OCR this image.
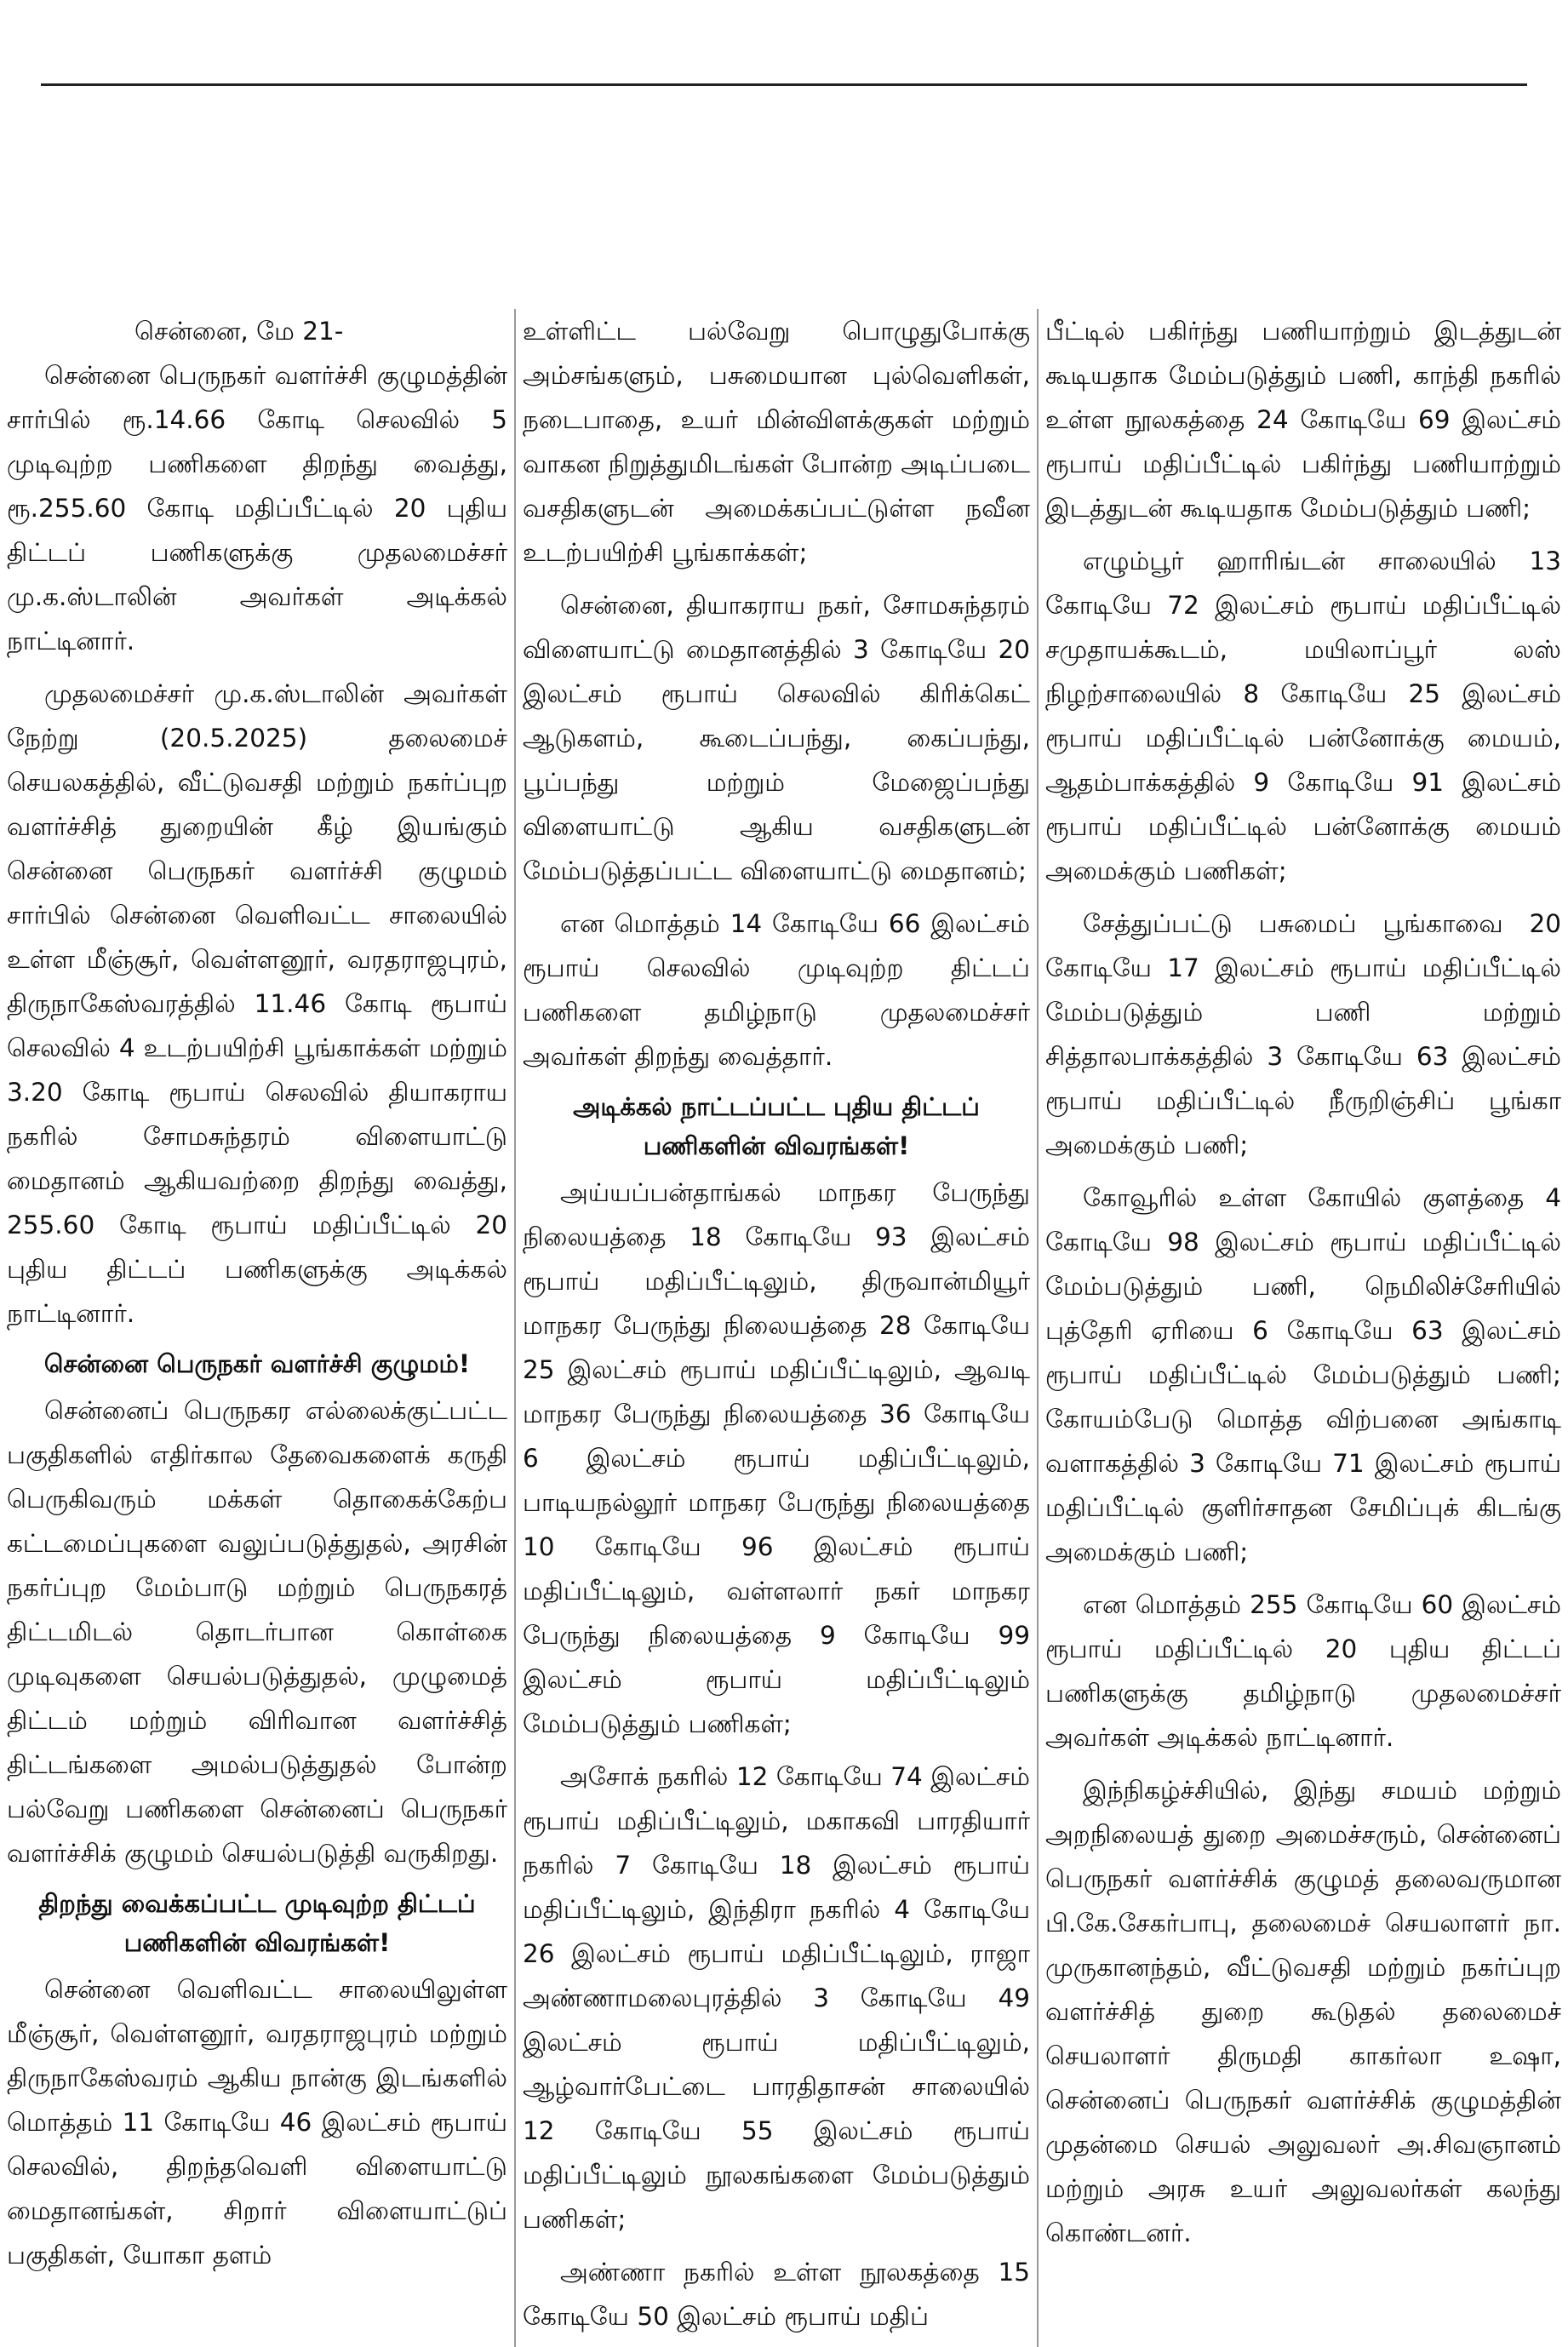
சென்னை, மே 21-

சென்னை பெருநகர் வளர்ச்சி குழுமத்தின் சார்பில் ரூ.14.66 கோடி செலவில் 5 முடிவுற்ற பணிகளை திறந்து வைத்து, ரூ.255.60 கோடி மதிப்பீட்டில் 20 புதிய திட்டப் பணிகளுக்கு முதலமைச்சர் மு.க.ஸ்டாலின் அவர்கள் அடிக்கல் நாட்டினார்.

முதலமைச்சர் மு.க.ஸ்டாலின் அவர்கள் நேற்று (20.5.2025) தலைமைச் செயலகத்தில், வீட்டுவசதி மற்றும் நகர்ப்புற வளர்ச்சித் துறையின் கீழ் இயங்கும் சென்னை பெருநகர் வளர்ச்சி குழுமம் சார்பில் சென்னை வெளிவட்ட சாலையில் உள்ள மீஞ்சூர், வெள்ளனூர், வரதராஜபுரம், திருநாகேஸ்வரத்தில் 11.46 கோடி ரூபாய் செலவில் 4 உடற்பயிற்சி பூங்காக்கள் மற்றும் 3.20 கோடி ரூபாய் செலவில் தியாகராய நகரில் சோமசுந்தரம் விளையாட்டு மைதானம் ஆகியவற்றை திறந்து வைத்து, 255.60 கோடி ரூபாய் மதிப்பீட்டில் 20 புதிய திட்டப் பணிகளுக்கு அடிக்கல் நாட்டினார்.

சென்னை பெருநகர் வளர்ச்சி குழுமம்!

சென்னைப் பெருநகர எல்லைக்குட்பட்ட பகுதிகளில் எதிர்கால தேவைகளைக் கருதி பெருகிவரும் மக்கள் தொகைக்கேற்ப கட்டமைப்புகளை வலுப்படுத்துதல், அரசின் நகர்ப்புற மேம்பாடு மற்றும் பெருநகரத் திட்டமிடல் தொடர்பான கொள்கை முடிவுகளை செயல்படுத்துதல், முழுமைத் திட்டம் மற்றும் விரிவான வளர்ச்சித் திட்டங்களை அமல்படுத்துதல் போன்ற பல்வேறு பணிகளை சென்னைப் பெருநகர் வளர்ச்சிக் குழுமம் செயல்படுத்தி வருகிறது.

திறந்து வைக்கப்பட்ட முடிவுற்ற திட்டப் பணிகளின் விவரங்கள்!

சென்னை வெளிவட்ட சாலையிலுள்ள மீஞ்சூர், வெள்ளனூர், வரதராஜபுரம் மற்றும் திருநாகேஸ்வரம் ஆகிய நான்கு இடங்களில் மொத்தம் 11 கோடியே 46 இலட்சம் ரூபாய் செலவில், திறந்தவெளி விளையாட்டு மைதானங்கள், சிறார் விளையாட்டுப் பகுதிகள், யோகா தளம்

உள்ளிட்ட பல்வேறு பொழுதுபோக்கு அம்சங்களும், பசுமையான புல்வெளிகள், நடைபாதை, உயர் மின்விளக்குகள் மற்றும் வாகன நிறுத்துமிடங்கள் போன்ற அடிப்படை வசதிகளுடன் அமைக்கப்பட்டுள்ள நவீன உடற்பயிற்சி பூங்காக்கள்;

சென்னை, தியாகராய நகர், சோமசுந்தரம் விளையாட்டு மைதானத்தில் 3 கோடியே 20 இலட்சம் ரூபாய் செலவில் கிரிக்கெட் ஆடுகளம், கூடைப்பந்து, கைப்பந்து, பூப்பந்து மற்றும் மேஜைப்பந்து விளையாட்டு ஆகிய வசதிகளுடன் மேம்படுத்தப்பட்ட விளையாட்டு மைதானம்;

என மொத்தம் 14 கோடியே 66 இலட்சம் ரூபாய் செலவில் முடிவுற்ற திட்டப் பணிகளை தமிழ்நாடு முதலமைச்சர் அவர்கள் திறந்து வைத்தார்.

அடிக்கல் நாட்டப்பட்ட புதிய திட்டப் பணிகளின் விவரங்கள்!

அய்யப்பன்தாங்கல் மாநகர பேருந்து நிலையத்தை 18 கோடியே 93 இலட்சம் ரூபாய் மதிப்பீட்டிலும், திருவான்மியூர் மாநகர பேருந்து நிலையத்தை 28 கோடியே 25 இலட்சம் ரூபாய் மதிப்பீட்டிலும், ஆவடி மாநகர பேருந்து நிலையத்தை 36 கோடியே 6 இலட்சம் ரூபாய் மதிப்பீட்டிலும், பாடியநல்லூர் மாநகர பேருந்து நிலையத்தை 10 கோடியே 96 இலட்சம் ரூபாய் மதிப்பீட்டிலும், வள்ளலார் நகர் மாநகர பேருந்து நிலையத்தை 9 கோடியே 99 இலட்சம் ரூபாய் மதிப்பீட்டிலும் மேம்படுத்தும் பணிகள்;

அசோக் நகரில் 12 கோடியே 74 இலட்சம் ரூபாய் மதிப்பீட்டிலும், மகாகவி பாரதியார் நகரில் 7 கோடியே 18 இலட்சம் ரூபாய் மதிப்பீட்டிலும், இந்திரா நகரில் 4 கோடியே 26 இலட்சம் ரூபாய் மதிப்பீட்டிலும், ராஜா அண்ணாமலைபுரத்தில் 3 கோடியே 49 இலட்சம் ரூபாய் மதிப்பீட்டிலும், ஆழ்வார்பேட்டை பாரதிதாசன் சாலையில் 12 கோடியே 55 இலட்சம் ரூபாய் மதிப்பீட்டிலும் நூலகங்களை மேம்படுத்தும் பணிகள்;

அண்ணா நகரில் உள்ள நூலகத்தை 15 கோடியே 50 இலட்சம் ரூபாய் மதிப்

பீட்டில் பகிர்ந்து பணியாற்றும் இடத்துடன் கூடியதாக மேம்படுத்தும் பணி, காந்தி நகரில் உள்ள நூலகத்தை 24 கோடியே 69 இலட்சம் ரூபாய் மதிப்பீட்டில் பகிர்ந்து பணியாற்றும் இடத்துடன் கூடியதாக மேம்படுத்தும் பணி;

எழும்பூர் ஹாரிங்டன் சாலையில் 13 கோடியே 72 இலட்சம் ரூபாய் மதிப்பீட்டில் சமுதாயக்கூடம், மயிலாப்பூர் லஸ் நிழற்சாலையில் 8 கோடியே 25 இலட்சம் ரூபாய் மதிப்பீட்டில் பன்னோக்கு மையம், ஆதம்பாக்கத்தில் 9 கோடியே 91 இலட்சம் ரூபாய் மதிப்பீட்டில் பன்னோக்கு மையம் அமைக்கும் பணிகள்;

சேத்துப்பட்டு பசுமைப் பூங்காவை 20 கோடியே 17 இலட்சம் ரூபாய் மதிப்பீட்டில் மேம்படுத்தும் பணி மற்றும் சித்தாலபாக்கத்தில் 3 கோடியே 63 இலட்சம் ரூபாய் மதிப்பீட்டில் நீருறிஞ்சிப் பூங்கா அமைக்கும் பணி;

கோவூரில் உள்ள கோயில் குளத்தை 4 கோடியே 98 இலட்சம் ரூபாய் மதிப்பீட்டில் மேம்படுத்தும் பணி, நெமிலிச்சேரியில் புத்தேரி ஏரியை 6 கோடியே 63 இலட்சம் ரூபாய் மதிப்பீட்டில் மேம்படுத்தும் பணி; கோயம்பேடு மொத்த விற்பனை அங்காடி வளாகத்தில் 3 கோடியே 71 இலட்சம் ரூபாய் மதிப்பீட்டில் குளிர்சாதன சேமிப்புக் கிடங்கு அமைக்கும் பணி;

என மொத்தம் 255 கோடியே 60 இலட்சம் ரூபாய் மதிப்பீட்டில் 20 புதிய திட்டப் பணிகளுக்கு தமிழ்நாடு முதலமைச்சர் அவர்கள் அடிக்கல் நாட்டினார்.

இந்நிகழ்ச்சியில், இந்து சமயம் மற்றும் அறநிலையத் துறை அமைச்சரும், சென்னைப் பெருநகர் வளர்ச்சிக் குழுமத் தலைவருமான பி.கே.சேகர்பாபு, தலைமைச் செயலாளர் நா. முருகானந்தம், வீட்டுவசதி மற்றும் நகர்ப்புற வளர்ச்சித் துறை கூடுதல் தலைமைச் செயலாளர் திருமதி காகர்லா உஷா, சென்னைப் பெருநகர் வளர்ச்சிக் குழுமத்தின் முதன்மை செயல் அலுவலர் அ.சிவஞானம் மற்றும் அரசு உயர் அலுவலர்கள் கலந்து கொண்டனர்.
